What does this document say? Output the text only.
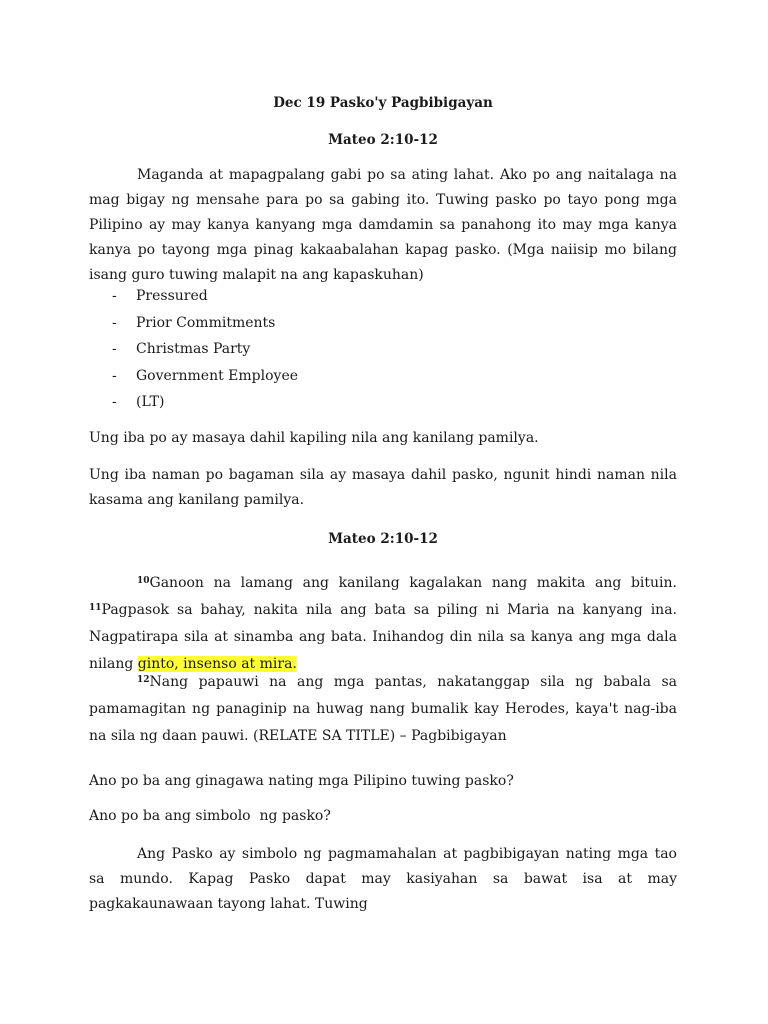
Dec 19 Pasko'y Pagbibigayan
Mateo 2:10-12

Maganda at mapagpalang gabi po sa ating lahat. Ako po ang naitalaga na mag bigay ng mensahe para po sa gabing ito. Tuwing pasko po tayo pong mga Pilipino ay may kanya kanyang mga damdamin sa panahong ito may mga kanya kanya po tayong mga pinag kakaabalahan kapag pasko. (Mga naiisip mo bilang isang guro tuwing malapit na ang kapaskuhan)

- Pressured
- Prior Commitments
- Christmas Party
- Government Employee
- (LT)
Ung iba po ay masaya dahil kapiling nila ang kanilang pamilya.

Ung iba naman po bagaman sila ay masaya dahil pasko, ngunit hindi naman nila kasama ang kanilang pamilya.

Mateo 2:10-12

$^{10}$Ganoon na lamang ang kanilang kagalakan nang makita ang bituin. $^{11}$Pagpasok sa bahay, nakita nila ang bata sa piling ni Maria na kanyang ina. Nagpatirapa sila at sinamba ang bata. Inihandog din nila sa kanya ang mga dala nilang ginto, insenso at mira.

$^{12}$Nang papauwi na ang mga pantas, nakatanggap sila ng babala sa pamamagitan ng panaginip na huwag nang bumalik kay Herodes, kaya't nag-iba na sila ng daan pauwi. (RELATE SA TITLE) – Pagbibigayan

Ano po ba ang ginagawa nating mga Pilipino tuwing pasko?
Ano po ba ang simbolo  ng pasko?

Ang Pasko ay simbolo ng pagmamahalan at pagbibigayan nating mga tao sa mundo. Kapag Pasko dapat may kasiyahan sa bawat isa at may pagkakaunawaan tayong lahat. Tuwing
